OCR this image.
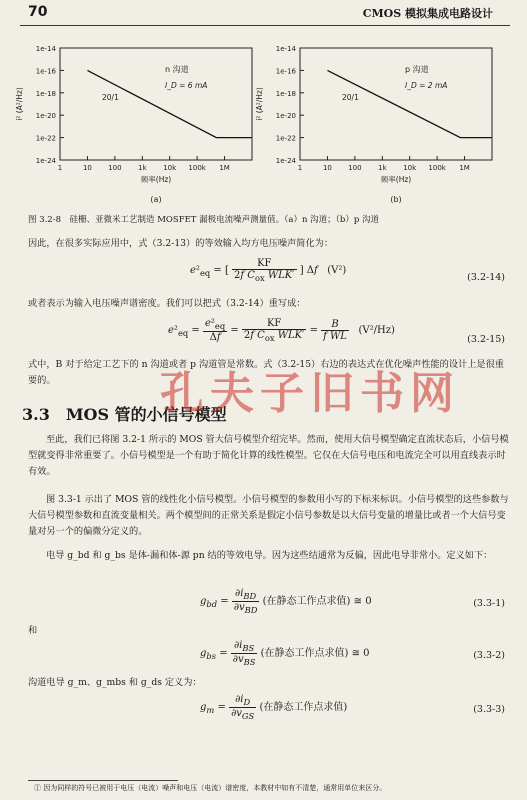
70	CMOS 模拟集成电路设计
1e-14
1e-16
1e-18
1e-20
1e-22
1e-24
1	10 100 1k 10k 100k 1M
20/1
n 沟道
I_D = 6 mA
频率(Hz)
i² (A²/Hz)
(a)
1e-14
1e-16
1e-18
1e-20
1e-22
1e-24
1	10 100 1k 10k 100k 1M
20/1
p 沟道
I_D = 2 mA
频率(Hz)
i² (A²/Hz)
(b)
图 3.2-8　硅栅、亚微米工艺制造 MOSFET 漏极电流噪声测量值。（a）n 沟道；（b）p 沟道
因此，在很多实际应用中，式（3.2-13）的等效输入均方电压噪声简化为：
$e^2_{eq}$ = [ $\frac{KF}{2f C_{ox} WLK'}$ ] Δf   (V²)
(3.2-14)
或者表示为输入电压噪声谱密度。我们可以把式（3.2-14）重写成：
$e^2_{eq} = \frac{e^2_{eq}}{\Delta f} = \frac{KF}{2f C_{ox} WLK'} = \frac{B}{\text{f WL}} (V^2/Hz)$
(3.2-15)
式中，B 对于给定工艺下的 n 沟道或者 p 沟道管是常数。式（3.2-15）右边的表达式在优化噪声性能的设计上是很重要的。
3.3　MOS 管的小信号模型
孔夫子旧书网
至此，我们已将图 3.2-1 所示的 MOS 管大信号模型介绍完毕。然而，使用大信号模型确定直流状态后，小信号模型就变得非常重要了。小信号模型是一个有助于简化计算的线性模型。它仅在大信号电压和电流完全可以用直线表示时有效。
图 3.3-1 示出了 MOS 管的线性化小信号模型。小信号模型的参数用小写的下标来标识。小信号模型的这些参数与大信号模型参数和直流变量相关。两个模型间的正常关系是假定小信号参数是以大信号变量的增量比或者一个大信号变量对另一个的偏微分定义的。
电导 g_bd 和 g_bs 是体-漏和体-源 pn 结的等效电导。因为这些结通常为反偏，因此电导非常小。定义如下：
$g_{bd} = \frac{\partial i_{BD}}{\partial v_{BD}}$ (在静态工作点求值) ≅ 0	(3.3-1)
和
$g_{bs} = \frac{\partial i_{BS}}{\partial v_{BS}}$ (在静态工作点求值) ≅ 0	(3.3-2)
沟道电导 g_m、g_mbs 和 g_ds 定义为：
$g_m = \frac{\partial i_D}{\partial v_{GS}}$ (在静态工作点求值)	(3.3-3)
① 因为同样的符号已被用于电压（电流）噪声和电压（电流）谱密度，本教材中如有不清楚，通常用单位来区分。
